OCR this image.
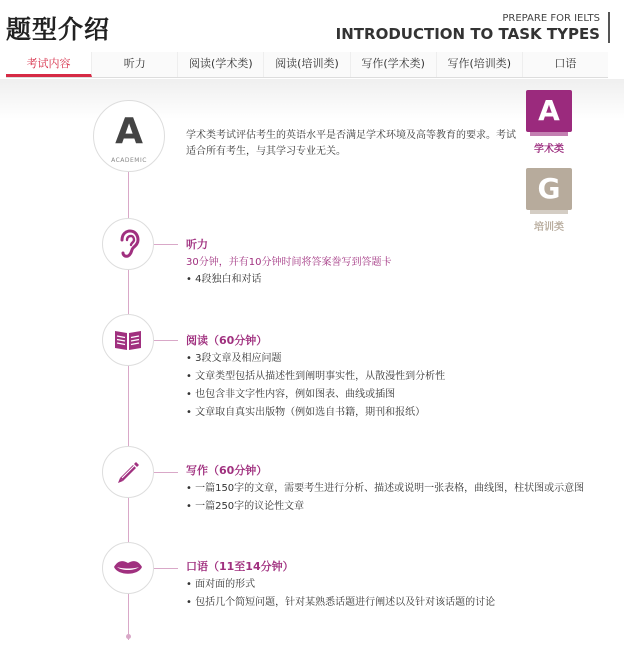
题型介绍	PREPARE FOR IELTS
INTRODUCTION TO TASK TYPES
考试内容	听力	阅读(学术类)	阅读(培训类)	写作(学术类)	写作(培训类)	口语
A
ACADEMIC
学术类考试评估考生的英语水平是否满足学术环境及高等教育的要求。考试适合所有考生，与其学习专业无关。
A
学术类
G
培训类
听力
30分钟，并有10分钟时间将答案誊写到答题卡
• 4段独白和对话
阅读（60分钟）
• 3段文章及相应问题
• 文章类型包括从描述性到阐明事实性，从散漫性到分析性
• 也包含非文字性内容，例如图表、曲线或插图
• 文章取自真实出版物（例如选自书籍，期刊和报纸）
写作（60分钟）
• 一篇150字的文章，需要考生进行分析、描述或说明一张表格，曲线图，柱状图或示意图
• 一篇250字的议论性文章
口语（11至14分钟）
• 面对面的形式
• 包括几个简短问题，针对某熟悉话题进行阐述以及针对该话题的讨论
